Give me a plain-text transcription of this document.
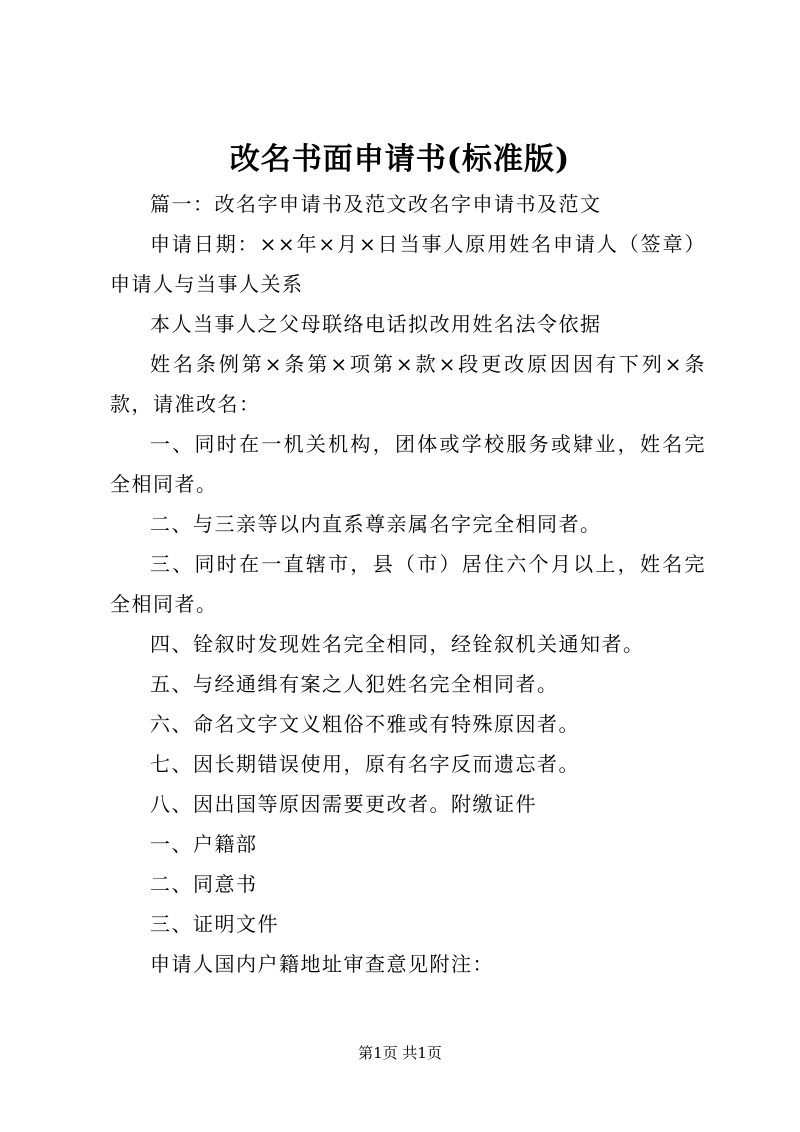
改名书面申请书(标准版)

篇一：改名字申请书及范文改名字申请书及范文

申请日期：××年×月×日当事人原用姓名申请人（签章）申请人与当事人关系

本人当事人之父母联络电话拟改用姓名法令依据

姓名条例第×条第×项第×款×段更改原因因有下列×条款，请准改名：

一、同时在一机关机构，团体或学校服务或肄业，姓名完全相同者。

二、与三亲等以内直系尊亲属名字完全相同者。

三、同时在一直辖市，县（市）居住六个月以上，姓名完全相同者。

四、铨叙时发现姓名完全相同，经铨叙机关通知者。

五、与经通缉有案之人犯姓名完全相同者。

六、命名文字文义粗俗不雅或有特殊原因者。

七、因长期错误使用，原有名字反而遗忘者。

八、因出国等原因需要更改者。附缴证件

一、户籍部

二、同意书

三、证明文件

申请人国内户籍地址审查意见附注：

第1页 共1页
